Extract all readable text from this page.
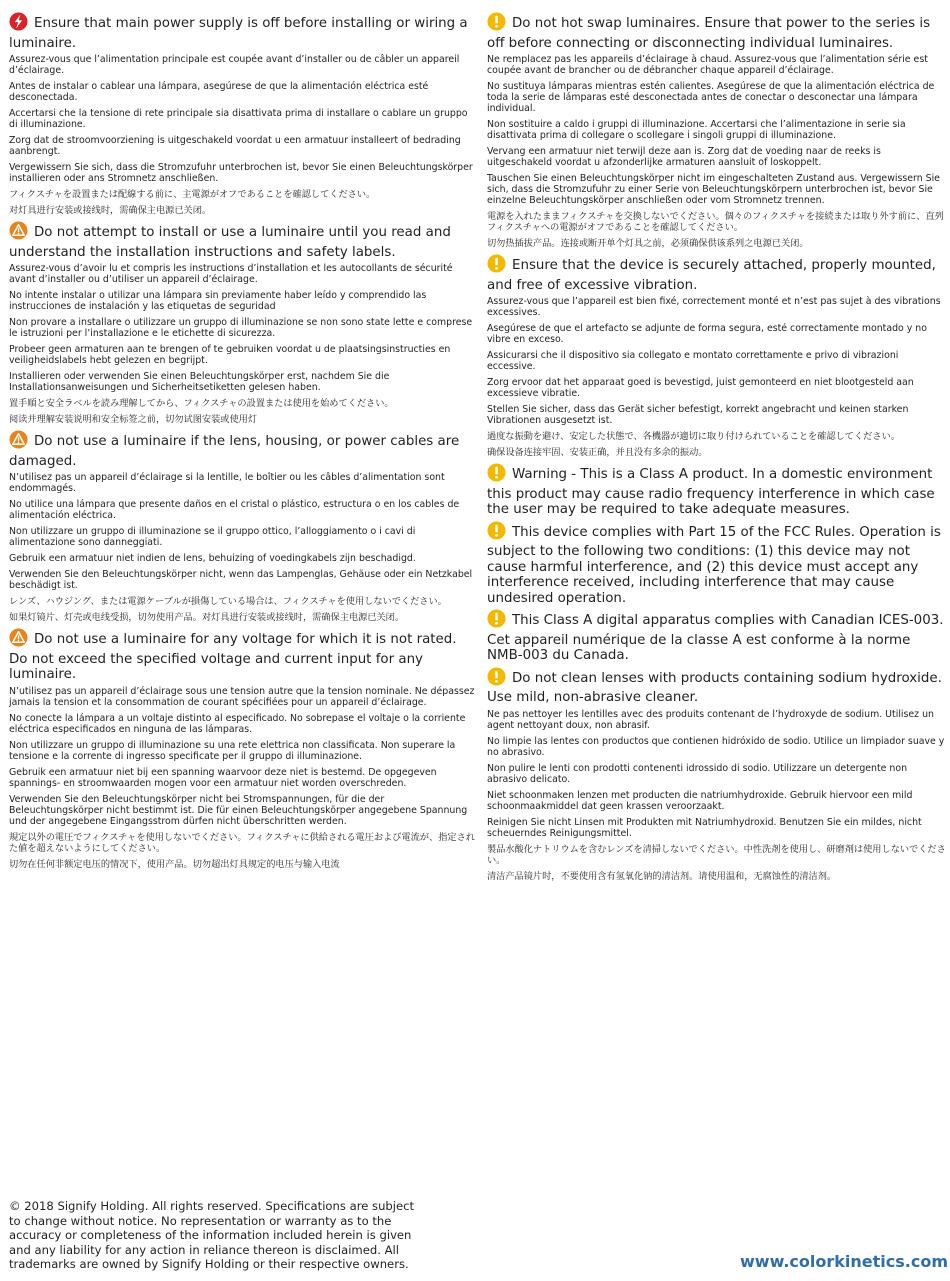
Ensure that main power supply is off before installing or wiring a luminaire.
Assurez-vous que l’alimentation principale est coupée avant d’installer ou de câbler un appareil d’éclairage.
Antes de instalar o cablear una lámpara, asegúrese de que la alimentación eléctrica esté desconectada.
Accertarsi che la tensione di rete principale sia disattivata prima di installare o cablare un gruppo di illuminazione.
Zorg dat de stroomvoorziening is uitgeschakeld voordat u een armatuur installeert of bedrading aanbrengt.
Vergewissern Sie sich, dass die Stromzufuhr unterbrochen ist, bevor Sie einen Beleuchtungskörper installieren oder ans Stromnetz anschließen.
フィクスチャを設置または配線する前に、主電源がオフであることを確認してください。
对灯具进行安装或接线时，需确保主电源已关闭。
Do not attempt to install or use a luminaire until you read and understand the installation instructions and safety labels.
Assurez-vous d’avoir lu et compris les instructions d’installation et les autocollants de sécurité avant d’installer ou d’utiliser un appareil d’éclairage.
No intente instalar o utilizar una lámpara sin previamente haber leído y comprendido las instrucciones de instalación y las etiquetas de seguridad
Non provare a installare o utilizzare un gruppo di illuminazione se non sono state lette e comprese le istruzioni per l’installazione e le etichette di sicurezza.
Probeer geen armaturen aan te brengen of te gebruiken voordat u de plaatsingsinstructies en veiligheidslabels hebt gelezen en begrijpt.
Installieren oder verwenden Sie einen Beleuchtungskörper erst, nachdem Sie die Installationsanweisungen und Sicherheitsetiketten gelesen haben.
置手順と安全ラベルを読み理解してから、フィクスチャの設置または使用を始めてください。
阅读并理解安装说明和安全标签之前，切勿试图安装或使用灯
Do not use a luminaire if the lens, housing, or power cables are damaged.
N’utilisez pas un appareil d’éclairage si la lentille, le boîtier ou les câbles d’alimentation sont endommagés.
No utilice una lámpara que presente daños en el cristal o plástico, estructura o en los cables de alimentación eléctrica.
Non utilizzare un gruppo di illuminazione se il gruppo ottico, l’alloggiamento o i cavi di alimentazione sono danneggiati.
Gebruik een armatuur niet indien de lens, behuizing of voedingkabels zijn beschadigd.
Verwenden Sie den Beleuchtungskörper nicht, wenn das Lampenglas, Gehäuse oder ein Netzkabel beschädigt ist.
レンズ、ハウジング、または電源ケーブルが損傷している場合は、フィクスチャを使用しないでください。
如果灯镜片、灯壳或电线受损，切勿使用产品。对灯具进行安装或接线时，需确保主电源已关闭。
Do not use a luminaire for any voltage for which it is not rated. Do not exceed the specified voltage and current input for any luminaire.
N’utilisez pas un appareil d’éclairage sous une tension autre que la tension nominale. Ne dépassez jamais la tension et la consommation de courant spécifiées pour un appareil d’éclairage.
No conecte la lámpara a un voltaje distinto al especificado. No sobrepase el voltaje o la corriente eléctrica especificados en ninguna de las lámparas.
Non utilizzare un gruppo di illuminazione su una rete elettrica non classificata. Non superare la tensione e la corrente di ingresso specificate per il gruppo di illuminazione.
Gebruik een armatuur niet bij een spanning waarvoor deze niet is bestemd. De opgegeven spannings- en stroomwaarden mogen voor een armatuur niet worden overschreden.
Verwenden Sie den Beleuchtungskörper nicht bei Stromspannungen, für die der Beleuchtungskörper nicht bestimmt ist. Die für einen Beleuchtungskörper angegebene Spannung und der angegebene Eingangsstrom dürfen nicht überschritten werden.
規定以外の電圧でフィクスチャを使用しないでください。フィクスチャに供給される電圧および電流が、指定された値を超えないようにしてください。
切勿在任何非额定电压的情况下，使用产品。切勿超出灯具规定的电压与输入电流
Do not hot swap luminaires. Ensure that power to the series is off before connecting or disconnecting individual luminaires.
Ne remplacez pas les appareils d’éclairage à chaud. Assurez-vous que l’alimentation série est coupée avant de brancher ou de débrancher chaque appareil d’éclairage.
No sustituya lámparas mientras estén calientes. Asegúrese de que la alimentación eléctrica de toda la serie de lámparas esté desconectada antes de conectar o desconectar una lámpara individual.
Non sostituire a caldo i gruppi di illuminazione. Accertarsi che l’alimentazione in serie sia disattivata prima di collegare o scollegare i singoli gruppi di illuminazione.
Vervang een armatuur niet terwijl deze aan is. Zorg dat de voeding naar de reeks is uitgeschakeld voordat u afzonderlijke armaturen aansluit of loskoppelt.
Tauschen Sie einen Beleuchtungskörper nicht im eingeschalteten Zustand aus. Vergewissern Sie sich, dass die Stromzufuhr zu einer Serie von Beleuchtungskörpern unterbrochen ist, bevor Sie einzelne Beleuchtungskörper anschließen oder vom Stromnetz trennen.
電源を入れたままフィクスチャを交換しないでください。個々のフィクスチャを接続または取り外す前に、直列フィクスチャへの電源がオフであることを確認してください。
切勿热插拔产品。连接或断开单个灯具之前，必须确保供该系列之电源已关闭。
Ensure that the device is securely attached, properly mounted, and free of excessive vibration.
Assurez-vous que l’appareil est bien fixé, correctement monté et n’est pas sujet à des vibrations excessives.
Asegúrese de que el artefacto se adjunte de forma segura, esté correctamente montado y no vibre en exceso.
Assicurarsi che il dispositivo sia collegato e montato correttamente e privo di vibrazioni eccessive.
Zorg ervoor dat het apparaat goed is bevestigd, juist gemonteerd en niet blootgesteld aan excessieve vibratie.
Stellen Sie sicher, dass das Gerät sicher befestigt, korrekt angebracht und keinen starken Vibrationen ausgesetzt ist.
過度な振動を避け、安定した状態で、各機器が適切に取り付けられていることを確認してください。
确保设备连接牢固、安装正确，并且没有多余的振动。
Warning - This is a Class A product. In a domestic environment this product may cause radio frequency interference in which case the user may be required to take adequate measures.
This device complies with Part 15 of the FCC Rules. Operation is subject to the following two conditions: (1) this device may not cause harmful interference, and (2) this device must accept any interference received, including interference that may cause undesired operation.
This Class A digital apparatus complies with Canadian ICES-003. Cet appareil numérique de la classe A est conforme à la norme NMB-003 du Canada.
Do not clean lenses with products containing sodium hydroxide. Use mild, non-abrasive cleaner.
Ne pas nettoyer les lentilles avec des produits contenant de l’hydroxyde de sodium. Utilisez un agent nettoyant doux, non abrasif.
No limpie las lentes con productos que contienen hidróxido de sodio. Utilice un limpiador suave y no abrasivo.
Non pulire le lenti con prodotti contenenti idrossido di sodio. Utilizzare un detergente non abrasivo delicato.
Niet schoonmaken lenzen met producten die natriumhydroxide. Gebruik hiervoor een mild schoonmaakmiddel dat geen krassen veroorzaakt.
Reinigen Sie nicht Linsen mit Produkten mit Natriumhydroxid. Benutzen Sie ein mildes, nicht scheuerndes Reinigungsmittel.
製品水酸化ナトリウムを含むレンズを清掃しないでください。中性洗剤を使用し、研磨剤は使用しないでください。
清洁产品镜片时，不要使用含有氢氧化钠的清洁剂。请使用温和，无腐蚀性的清洁剂。
© 2018 Signify Holding. All rights reserved. Specifications are subject to change without notice. No representation or warranty as to the accuracy or completeness of the information included herein is given and any liability for any action in reliance thereon is disclaimed. All trademarks are owned by Signify Holding or their respective owners.	www.colorkinetics.com
